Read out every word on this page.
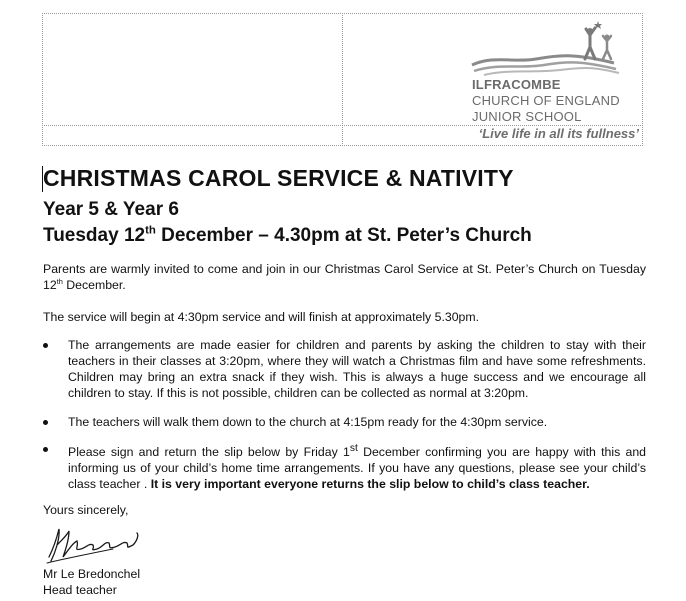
ILFRACOMBE
CHURCH OF ENGLAND
JUNIOR SCHOOL
‘Live life in all its fullness’
CHRISTMAS CAROL SERVICE & NATIVITY
Year 5 & Year 6
Tuesday 12th December – 4.30pm at St. Peter’s Church
Parents are warmly invited to come and join in our Christmas Carol Service at St. Peter’s Church on Tuesday 12th December.
The service will begin at 4:30pm service and will finish at approximately 5.30pm.
The arrangements are made easier for children and parents by asking the children to stay with their teachers in their classes at 3:20pm, where they will watch a Christmas film and have some refreshments. Children may bring an extra snack if they wish. This is always a huge success and we encourage all children to stay. If this is not possible, children can be collected as normal at 3:20pm.
The teachers will walk them down to the church at 4:15pm ready for the 4:30pm service.
Please sign and return the slip below by Friday 1st December confirming you are happy with this and informing us of your child’s home time arrangements. If you have any questions, please see your child’s class teacher . It is very important everyone returns the slip below to child’s class teacher.
Yours sincerely,
Mr Le Bredonchel
Head teacher
